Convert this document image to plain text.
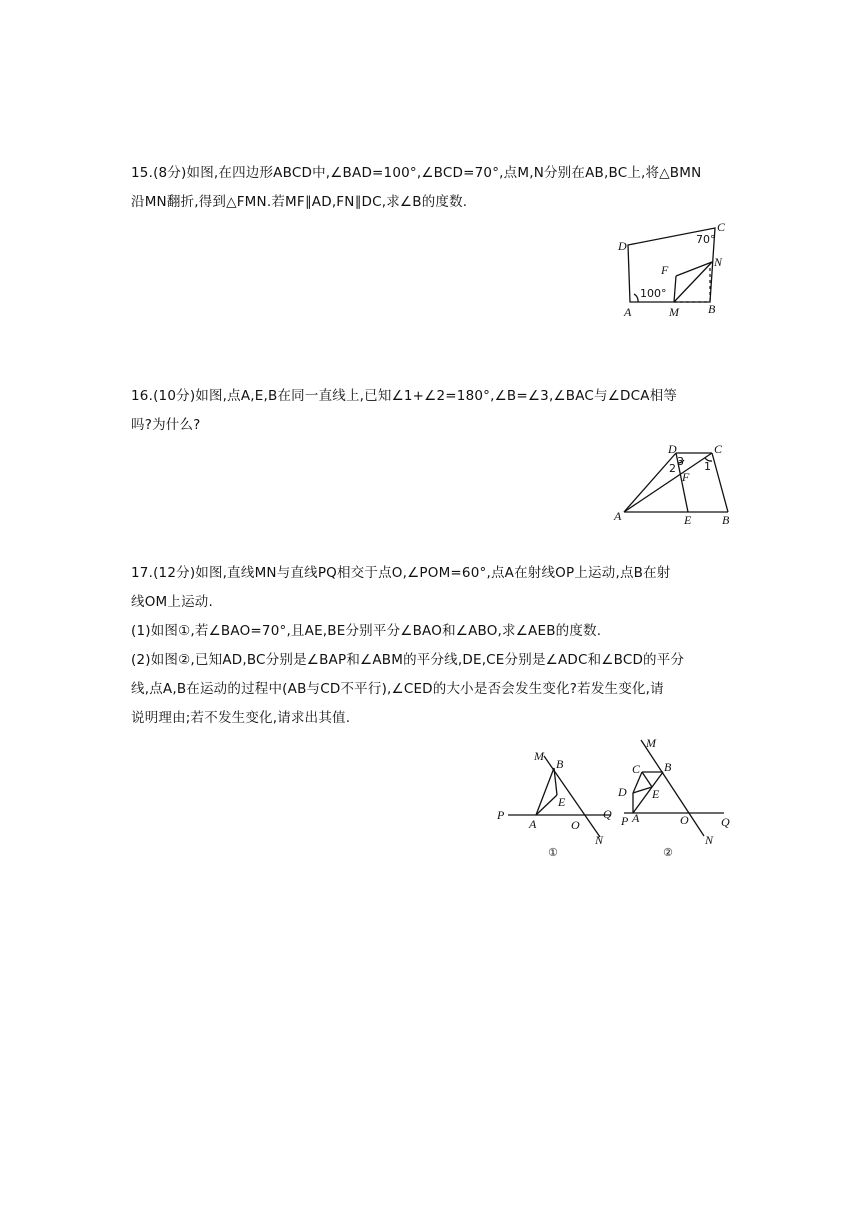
15.(8分)如图,在四边形ABCD中,∠BAD=100°,∠BCD=70°,点M,N分别在AB,BC上,将△BMN
沿MN翻折,得到△FMN.若MF∥AD,FN∥DC,求∠B的度数.
D
C
N
F
A	M B
100°
70°
16.(10分)如图,点A,E,B在同一直线上,已知∠1+∠2=180°,∠B=∠3,∠BAC与∠DCA相等
吗?为什么?
D	C
F
A	E	B
2
3 1
17.(12分)如图,直线MN与直线PQ相交于点O,∠POM=60°,点A在射线OP上运动,点B在射
线OM上运动.
(1)如图①,若∠BAO=70°,且AE,BE分别平分∠BAO和∠ABO,求∠AEB的度数.
(2)如图②,已知AD,BC分别是∠BAP和∠ABM的平分线,DE,CE分别是∠ADC和∠BCD的平分
线,点A,B在运动的过程中(AB与CD不平行),∠CED的大小是否会发生变化?若发生变化,请
说明理由;若不发生变化,请求出其值.
M
B
E
P
A	O
Q
N
①
M
B
C
D E
P A	O	Q
N
②
